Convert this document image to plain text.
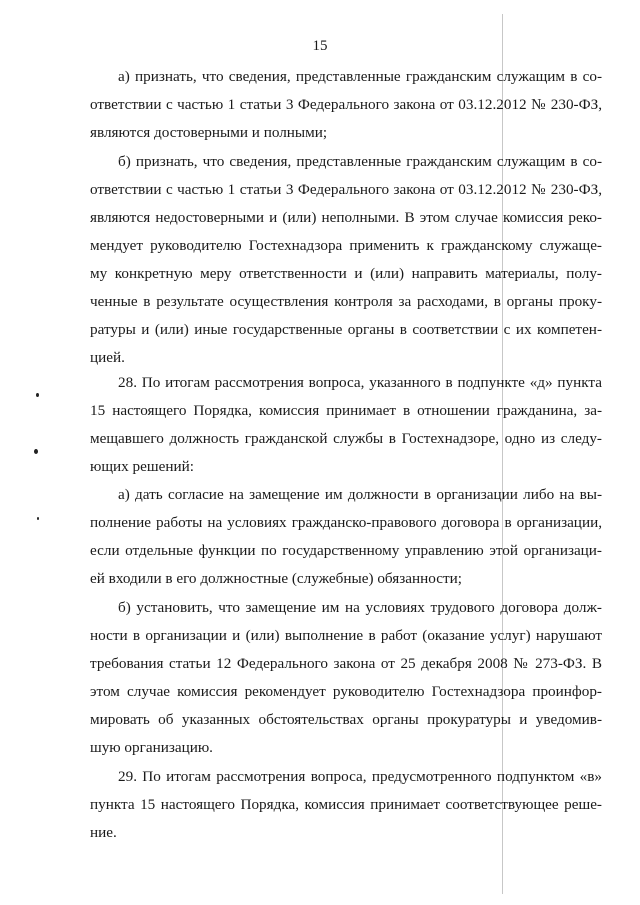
15
а) признать, что сведения, представленные гражданским служащим в со-
ответствии с частью 1 статьи 3 Федерального закона от 03.12.2012 № 230-ФЗ,
являются достоверными и полными;
б) признать, что сведения, представленные гражданским служащим в со-
ответствии с частью 1 статьи 3 Федерального закона от 03.12.2012 № 230-ФЗ,
являются недостоверными и (или) неполными. В этом случае комиссия реко-
мендует руководителю Гостехнадзора применить к гражданскому служаще-
му конкретную меру ответственности и (или) направить материалы, полу-
ченные в результате осуществления контроля за расходами, в органы проку-
ратуры и (или) иные государственные органы в соответствии с их компетен-
цией.
28. По итогам рассмотрения вопроса, указанного в подпункте «д» пункта
15 настоящего Порядка, комиссия принимает в отношении гражданина, за-
мещавшего должность гражданской службы в Гостехнадзоре, одно из следу-
ющих решений:
а) дать согласие на замещение им должности в организации либо на вы-
полнение работы на условиях гражданско-правового договора в организации,
если отдельные функции по государственному управлению этой организаци-
ей входили в его должностные (служебные) обязанности;
б) установить, что замещение им на условиях трудового договора долж-
ности в организации и (или) выполнение в работ (оказание услуг) нарушают
требования статьи 12 Федерального закона от 25 декабря 2008 № 273-ФЗ. В
этом случае комиссия рекомендует руководителю Гостехнадзора проинфор-
мировать об указанных обстоятельствах органы прокуратуры и уведомив-
шую организацию.
29. По итогам рассмотрения вопроса, предусмотренного подпунктом «в»
пункта 15 настоящего Порядка, комиссия принимает соответствующее реше-
ние.
